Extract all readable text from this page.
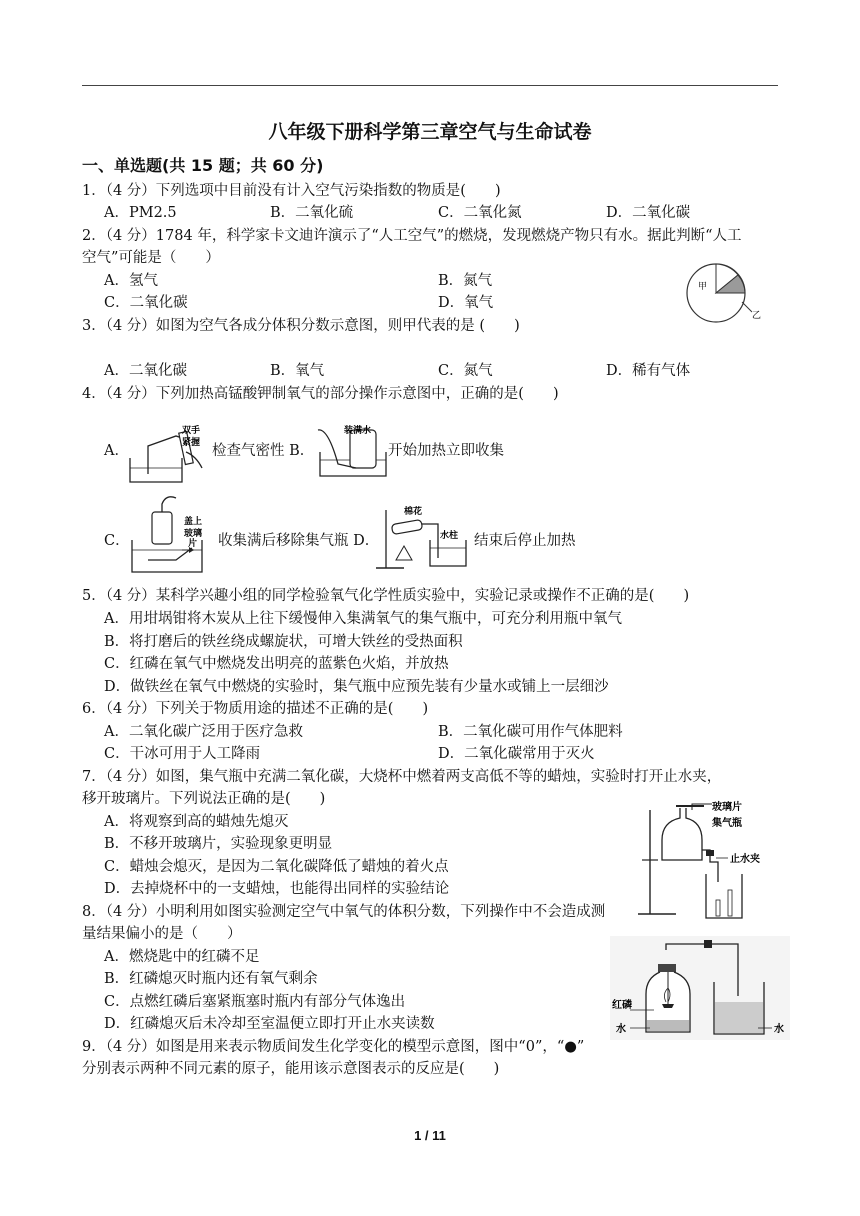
八年级下册科学第三章空气与生命试卷
一、单选题(共 15 题；共 60 分)
1．（4 分）下列选项中目前没有计入空气污染指数的物质是(　　)
A．PM2.5	B．二氧化硫	C．二氧化氮	D．二氧化碳
2．（4 分）1784 年，科学家卡文迪许演示了“人工空气”的燃烧，发现燃烧产物只有水。据此判断“人工
空气”可能是（　　）
A．氢气	B．氮气
C．二氧化碳	D．氧气
甲
乙
3．（4 分）如图为空气各成分体积分数示意图，则甲代表的是 (　　)
A．二氧化碳	B．氧气	C．氮气	D．稀有气体
4．（4 分）下列加热高锰酸钾制氧气的部分操作示意图中，正确的是(　　)
A．
双手
紧握 检查气密性 B．
装满水
开始加热立即收集
C．
盖上
玻璃
片 收集满后移除集气瓶 D．
棉花
水柱 结束后停止加热
5．（4 分）某科学兴趣小组的同学检验氧气化学性质实验中，实验记录或操作不正确的是(　　)
A．用坩埚钳将木炭从上往下缓慢伸入集满氧气的集气瓶中，可充分利用瓶中氧气
B．将打磨后的铁丝绕成螺旋状，可增大铁丝的受热面积
C．红磷在氧气中燃烧发出明亮的蓝紫色火焰，并放热
D．做铁丝在氧气中燃烧的实验时，集气瓶中应预先装有少量水或铺上一层细沙
6．（4 分）下列关于物质用途的描述不正确的是(　　)
A．二氧化碳广泛用于医疗急救	B．二氧化碳可用作气体肥料
C．干冰可用于人工降雨	D．二氧化碳常用于灭火
7．（4 分）如图，集气瓶中充满二氧化碳，大烧杯中燃着两支高低不等的蜡烛，实验时打开止水夹，
移开玻璃片。下列说法正确的是(　　)
A．将观察到高的蜡烛先熄灭
B．不移开玻璃片，实验现象更明显
C．蜡烛会熄灭，是因为二氧化碳降低了蜡烛的着火点
D．去掉烧杯中的一支蜡烛，也能得出同样的实验结论
玻璃片
集气瓶
止水夹
8．（4 分）小明利用如图实验测定空气中氧气的体积分数，下列操作中不会造成测
量结果偏小的是（　　）
A．燃烧匙中的红磷不足
B．红磷熄灭时瓶内还有氧气剩余
C．点燃红磷后塞紧瓶塞时瓶内有部分气体逸出
D．红磷熄灭后未冷却至室温便立即打开止水夹读数
红磷
水	水
9．（4 分）如图是用来表示物质间发生化学变化的模型示意图，图中“0”，“●”
分别表示两种不同元素的原子，能用该示意图表示的反应是(　　)
1 / 11
